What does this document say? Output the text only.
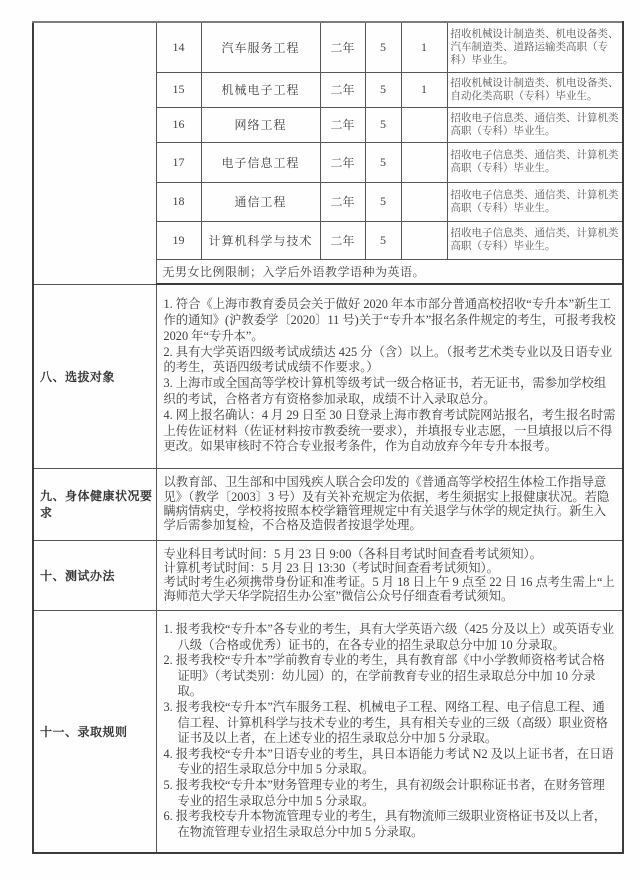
	14	汽车服务工程	二年	5	1	招收机械设计制造类、机电设备类、汽车制造类、道路运输类高职（专科）毕业生。
	15	机械电子工程	二年	5	1	招收机械设计制造类、机电设备类、自动化类高职（专科）毕业生。
	16	网络工程	二年	5		招收电子信息类、通信类、计算机类高职（专科）毕业生。
	17	电子信息工程	二年	5		招收电子信息类、通信类、计算机类高职（专科）毕业生。
	18	通信工程	二年	5		招收电子信息类、通信类、计算机类高职（专科）毕业生。
	19	计算机科学与技术	二年	5		招收电子信息类、通信类、计算机类高职（专科）毕业生。
	无男女比例限制；入学后外语教学语种为英语。					
八、选拔对象	1. 符合《上海市教育委员会关于做好 2020 年本市部分普通高校招收“专升本”新生工作的通知》(沪教委学〔2020〕11 号)关于“专升本”报名条件规定的考生，可报考我校 2020 年“专升本”。

2. 具有大学英语四级考试成绩达 425 分（含）以上。（报考艺术类专业以及日语专业的考生，英语四级考试成绩不作要求。）

3. 上海市或全国高等学校计算机等级考试一级合格证书，若无证书，需参加学校组织的考试，合格者方有资格参加录取，成绩不计入录取总分。

4. 网上报名确认：4 月 29 日至 30 日登录上海市教育考试院网站报名，考生报名时需上传佐证材料（佐证材料按市教委统一要求），并填报专业志愿，一旦填报以后不得更改。如果审核时不符合专业报考条件，作为自动放弃今年专升本报考。					

九、身体健康状况要求	以教育部、卫生部和中国残疾人联合会印发的《普通高等学校招生体检工作指导意见》（教学〔2003〕3 号）及有关补充规定为依据，考生须据实上报健康状况。若隐瞒病情病史，学校将按照本校学籍管理规定中有关退学与休学的规定执行。新生入学后需参加复检，不合格及造假者按退学处理。					

十、测试办法	专业科目考试时间：5 月 23 日 9:00（各科目考试时间查看考试须知）。

计算机考试时间：5 月 23 日 13:30（考试时间查看考试须知）。

考试时考生必须携带身份证和准考证。5 月 18 日上午 9 点至 22 日 16 点考生需上“上海师范大学天华学院招生办公室”微信公众号仔细查看考试须知。					

十一、录取规则	

1. 报考我校“专升本”各专业的考生，具有大学英语六级（425 分及以上）或英语专业八级（合格或优秀）证书的，在各专业的招生录取总分中加 10 分录取。

2. 报考我校“专升本”学前教育专业的考生，具有教育部《中小学教师资格考试合格证明》（考试类别：幼儿园）的，在学前教育专业的招生录取总分中加 10 分录取。

3. 报考我校“专升本”汽车服务工程、机械电子工程、网络工程、电子信息工程、通信工程、计算机科学与技术专业的考生，具有相关专业的三级（高级）职业资格证书及以上者，在上述专业的招生录取总分中加 5 分录取。

4. 报考我校“专升本”日语专业的考生，具日本语能力考试 N2 及以上证书者，在日语专业的招生录取总分中加 5 分录取。

5. 报考我校“专升本”财务管理专业的考生，具有初级会计职称证书者，在财务管理专业的招生录取总分中加 5 分录取。

6. 报考我校专升本物流管理专业的考生，具有物流师三级职业资格证书及以上者，在物流管理专业招生录取总分中加 5 分录取。
